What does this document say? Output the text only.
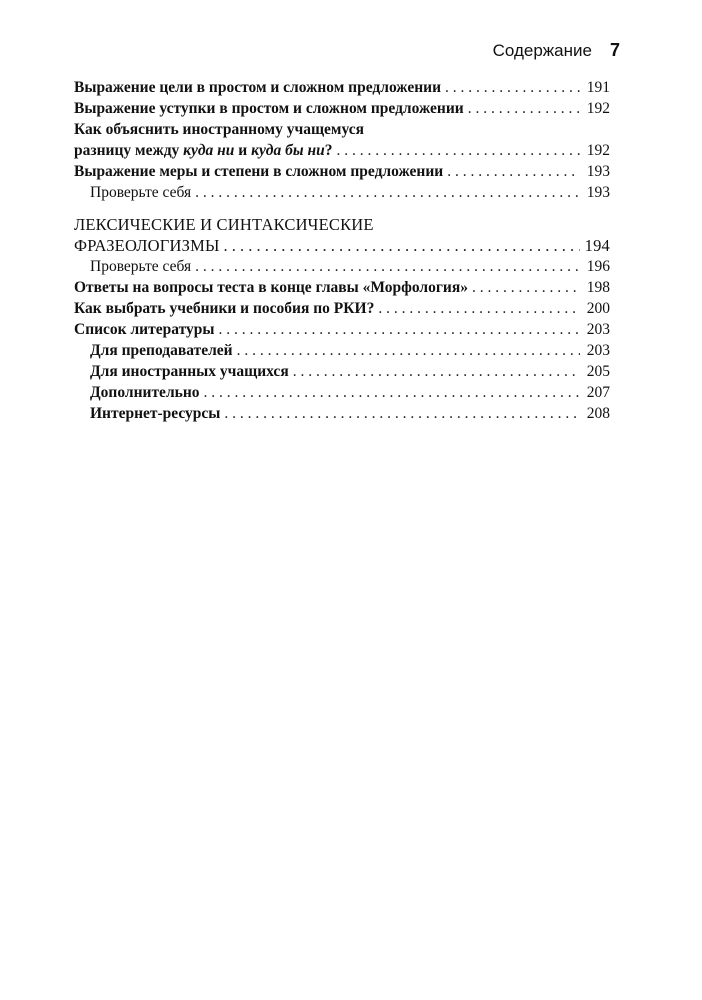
Содержание 7
Выражение цели в простом и сложном предложении . . .	191
Выражение уступки в простом и сложном предложении . . .	192
Как объяснить иностранному учащемуся
разницу между куда ни и куда бы ни? . . .	192
Выражение меры и степени в сложном предложении . . .	193
Проверьте себя . . .	193
ЛЕКСИЧЕСКИЕ И СИНТАКСИЧЕСКИЕ
ФРАЗЕОЛОГИЗМЫ . . .	194
Проверьте себя . . .	196
Ответы на вопросы теста в конце главы «Морфология» . . .	198
Как выбрать учебники и пособия по РКИ? . . .	200
Список литературы . . .	203
Для преподавателей . . .	203
Для иностранных учащихся . . .	205
Дополнительно . . .	207
Интернет-ресурсы . . .	208
